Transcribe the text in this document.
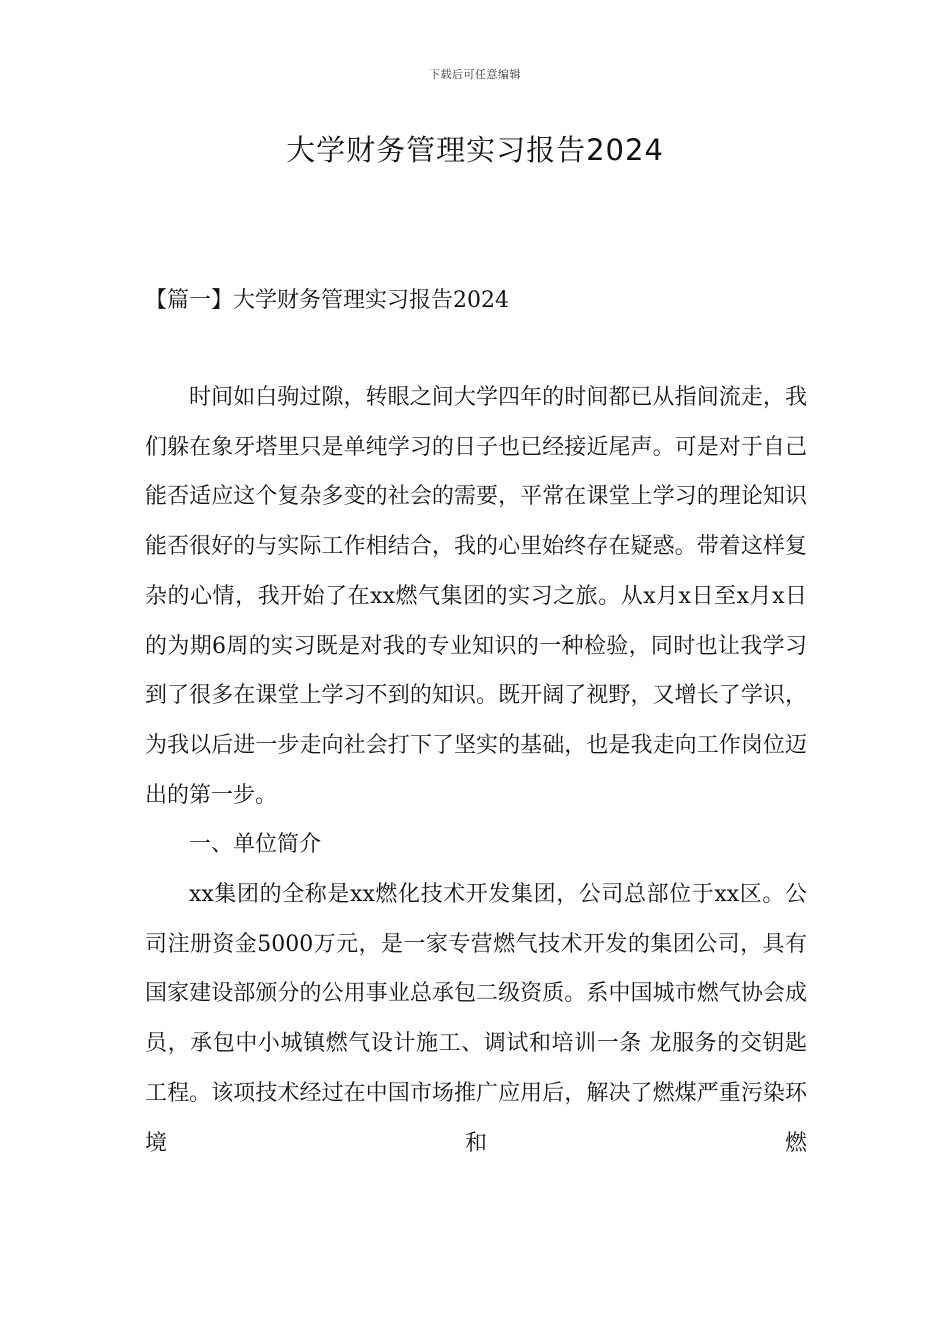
下载后可任意编辑
大学财务管理实习报告2024
【篇一】大学财务管理实习报告2024

时间如白驹过隙，转眼之间大学四年的时间都已从指间流走，我们躲在象牙塔里只是单纯学习的日子也已经接近尾声。可是对于自己能否适应这个复杂多变的社会的需要，平常在课堂上学习的理论知识能否很好的与实际工作相结合，我的心里始终存在疑惑。带着这样复杂的心情，我开始了在xx燃气集团的实习之旅。从x月x日至x月x日的为期6周的实习既是对我的专业知识的一种检验，同时也让我学习到了很多在课堂上学习不到的知识。既开阔了视野，又增长了学识，为我以后进一步走向社会打下了坚实的基础，也是我走向工作岗位迈出的第一步。

一、单位简介

xx集团的全称是xx燃化技术开发集团，公司总部位于xx区。公司注册资金5000万元，是一家专营燃气技术开发的集团公司，具有国家建设部颁分的公用事业总承包二级资质。系中国城市燃气协会成员，承包中小城镇燃气设计施工、调试和培训一条 龙服务的交钥匙工程。该项技术经过在中国市场推广应用后，解决了燃煤严重污染环境和燃
